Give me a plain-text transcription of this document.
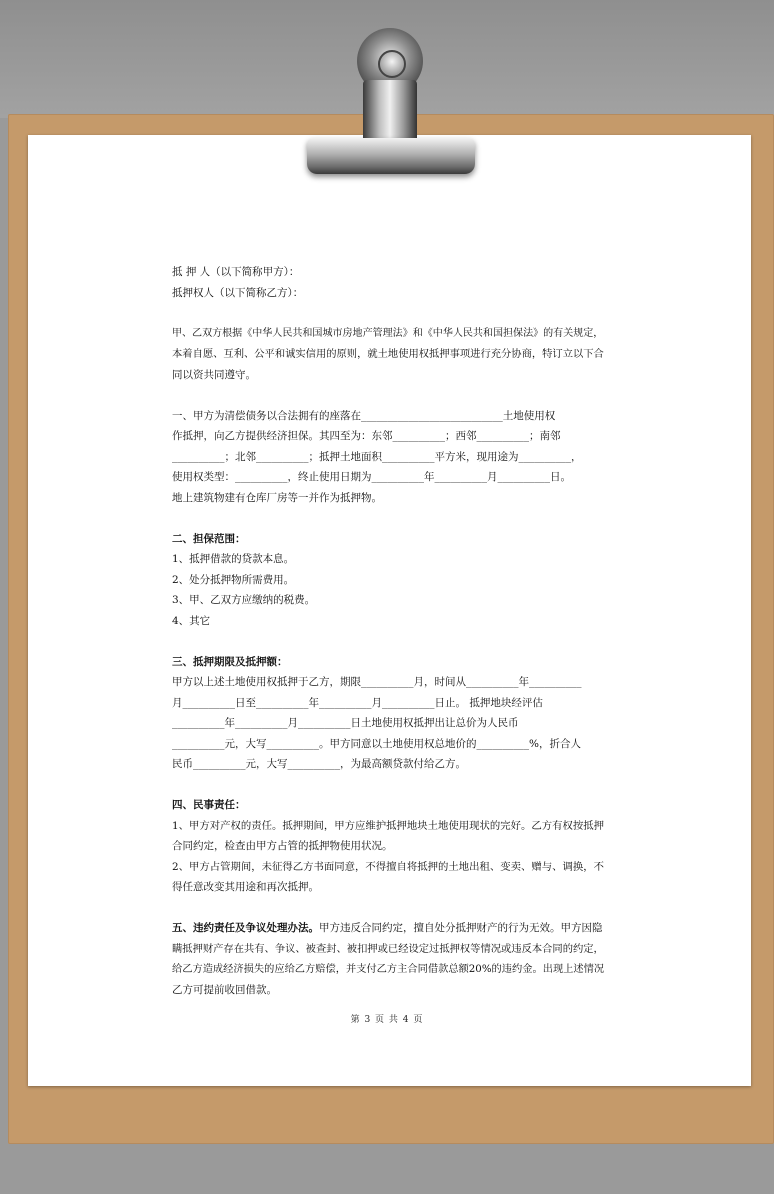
抵 押 人（以下简称甲方）：
抵押权人（以下简称乙方）：
甲、乙双方根据《中华人民共和国城市房地产管理法》和《中华人民共和国担保法》的有关规定，
本着自愿、互利、公平和诚实信用的原则，就土地使用权抵押事项进行充分协商，特订立以下合
同以资共同遵守。
一、甲方为清偿债务以合法拥有的座落在___________________________土地使用权
作抵押，向乙方提供经济担保。其四至为：东邻__________；西邻__________；南邻
__________；北邻__________；抵押土地面积__________平方米，现用途为__________，
使用权类型：__________，终止使用日期为__________年__________月__________日。
地上建筑物建有仓库厂房等一并作为抵押物。
二、担保范围：
1、抵押借款的贷款本息。
2、处分抵押物所需费用。
3、甲、乙双方应缴纳的税费。
4、其它
三、抵押期限及抵押额：
甲方以上述土地使用权抵押于乙方，期限__________月，时间从__________年__________
月__________日至__________年__________月__________日止。 抵押地块经评估
__________年__________月__________日土地使用权抵押出让总价为人民币
__________元，大写__________。甲方同意以土地使用权总地价的__________%，折合人
民币__________元，大写__________，为最高额贷款付给乙方。
四、民事责任：
1、甲方对产权的责任。抵押期间，甲方应维护抵押地块土地使用现状的完好。乙方有权按抵押
合同约定，检查由甲方占管的抵押物使用状况。
2、甲方占管期间，未征得乙方书面同意，不得擅自将抵押的土地出租、变卖、赠与、调换，不
得任意改变其用途和再次抵押。
五、违约责任及争议处理办法。甲方违反合同约定，擅自处分抵押财产的行为无效。甲方因隐
瞒抵押财产存在共有、争议、被查封、被扣押或已经设定过抵押权等情况或违反本合同的约定，
给乙方造成经济损失的应给乙方赔偿，并支付乙方主合同借款总额20%的违约金。出现上述情况
乙方可提前收回借款。
第 3 页 共 4 页
